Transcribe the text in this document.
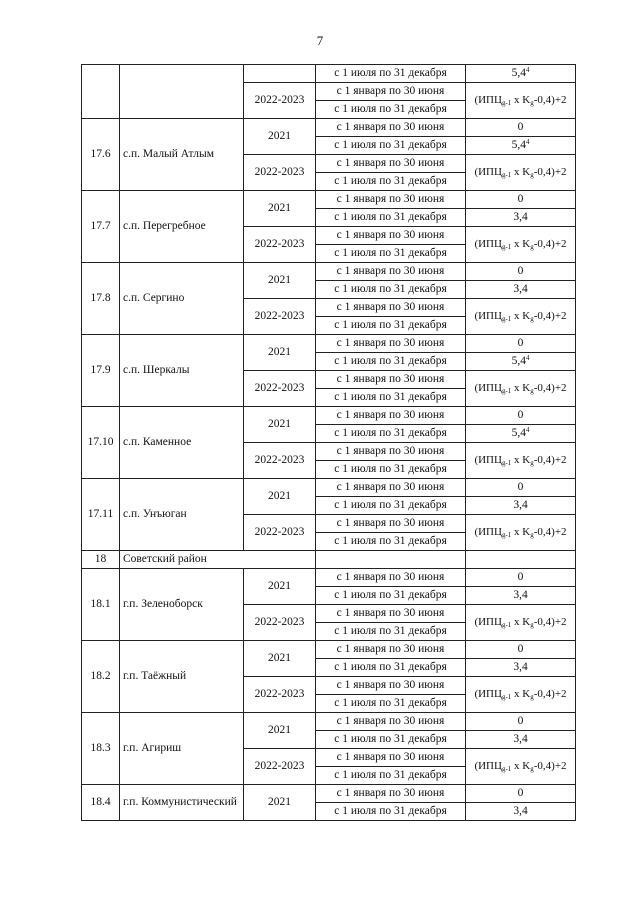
7
			с 1 июля по 31 декабря	$5,4^4$
		2022-2023	с 1 января по 30 июня	($ИПЦ_{g-1}$ х $K_g-0,4)+2$
			с 1 июля по 31 декабря	
17.6	с.п. Малый Атлым	2021	с 1 января по 30 июня	0
			с 1 июля по 31 декабря	$5,4^4$
		2022-2023	с 1 января по 30 июня	($ИПЦ_{g-1}$ х $K_g-0,4)+2$
			с 1 июля по 31 декабря	
17.7	с.п. Перегребное	2021	с 1 января по 30 июня	0
			с 1 июля по 31 декабря	3,4
		2022-2023	с 1 января по 30 июня	($ИПЦ_{g-1}$ х $K_g-0,4)+2$
			с 1 июля по 31 декабря	
17.8	с.п. Сергино	2021	с 1 января по 30 июня	0
			с 1 июля по 31 декабря	3,4
		2022-2023	с 1 января по 30 июня	($ИПЦ_{g-1}$ х $K_g-0,4)+2$
			с 1 июля по 31 декабря	
17.9	с.п. Шеркалы	2021	с 1 января по 30 июня	0
			с 1 июля по 31 декабря	$5,4^4$
		2022-2023	с 1 января по 30 июня	($ИПЦ_{g-1}$ х $K_g-0,4)+2$
			с 1 июля по 31 декабря	
17.10	с.п. Каменное	2021	с 1 января по 30 июня	0
			с 1 июля по 31 декабря	$5,4^4$
		2022-2023	с 1 января по 30 июня	($ИПЦ_{g-1}$ х $K_g-0,4)+2$
			с 1 июля по 31 декабря	
17.11	с.п. Унъюган	2021	с 1 января по 30 июня	0
			с 1 июля по 31 декабря	3,4
		2022-2023	с 1 января по 30 июня	($ИПЦ_{g-1}$ х $K_g-0,4)+2$
			с 1 июля по 31 декабря	
18	Советский район			
18.1	г.п. Зеленоборск	2021	с 1 января по 30 июня	0
			с 1 июля по 31 декабря	3,4
		2022-2023	с 1 января по 30 июня	($ИПЦ_{g-1}$ х $K_g-0,4)+2$
			с 1 июля по 31 декабря	
18.2	г.п. Таёжный	2021	с 1 января по 30 июня	0
			с 1 июля по 31 декабря	3,4
		2022-2023	с 1 января по 30 июня	($ИПЦ_{g-1}$ х $K_g-0,4)+2$
			с 1 июля по 31 декабря	
18.3	г.п. Агириш	2021	с 1 января по 30 июня	0
			с 1 июля по 31 декабря	3,4
		2022-2023	с 1 января по 30 июня	($ИПЦ_{g-1}$ х $K_g-0,4)+2$
			с 1 июля по 31 декабря	
18.4	г.п. Коммунистический	2021	с 1 января по 30 июня	0
			с 1 июля по 31 декабря	3,4
